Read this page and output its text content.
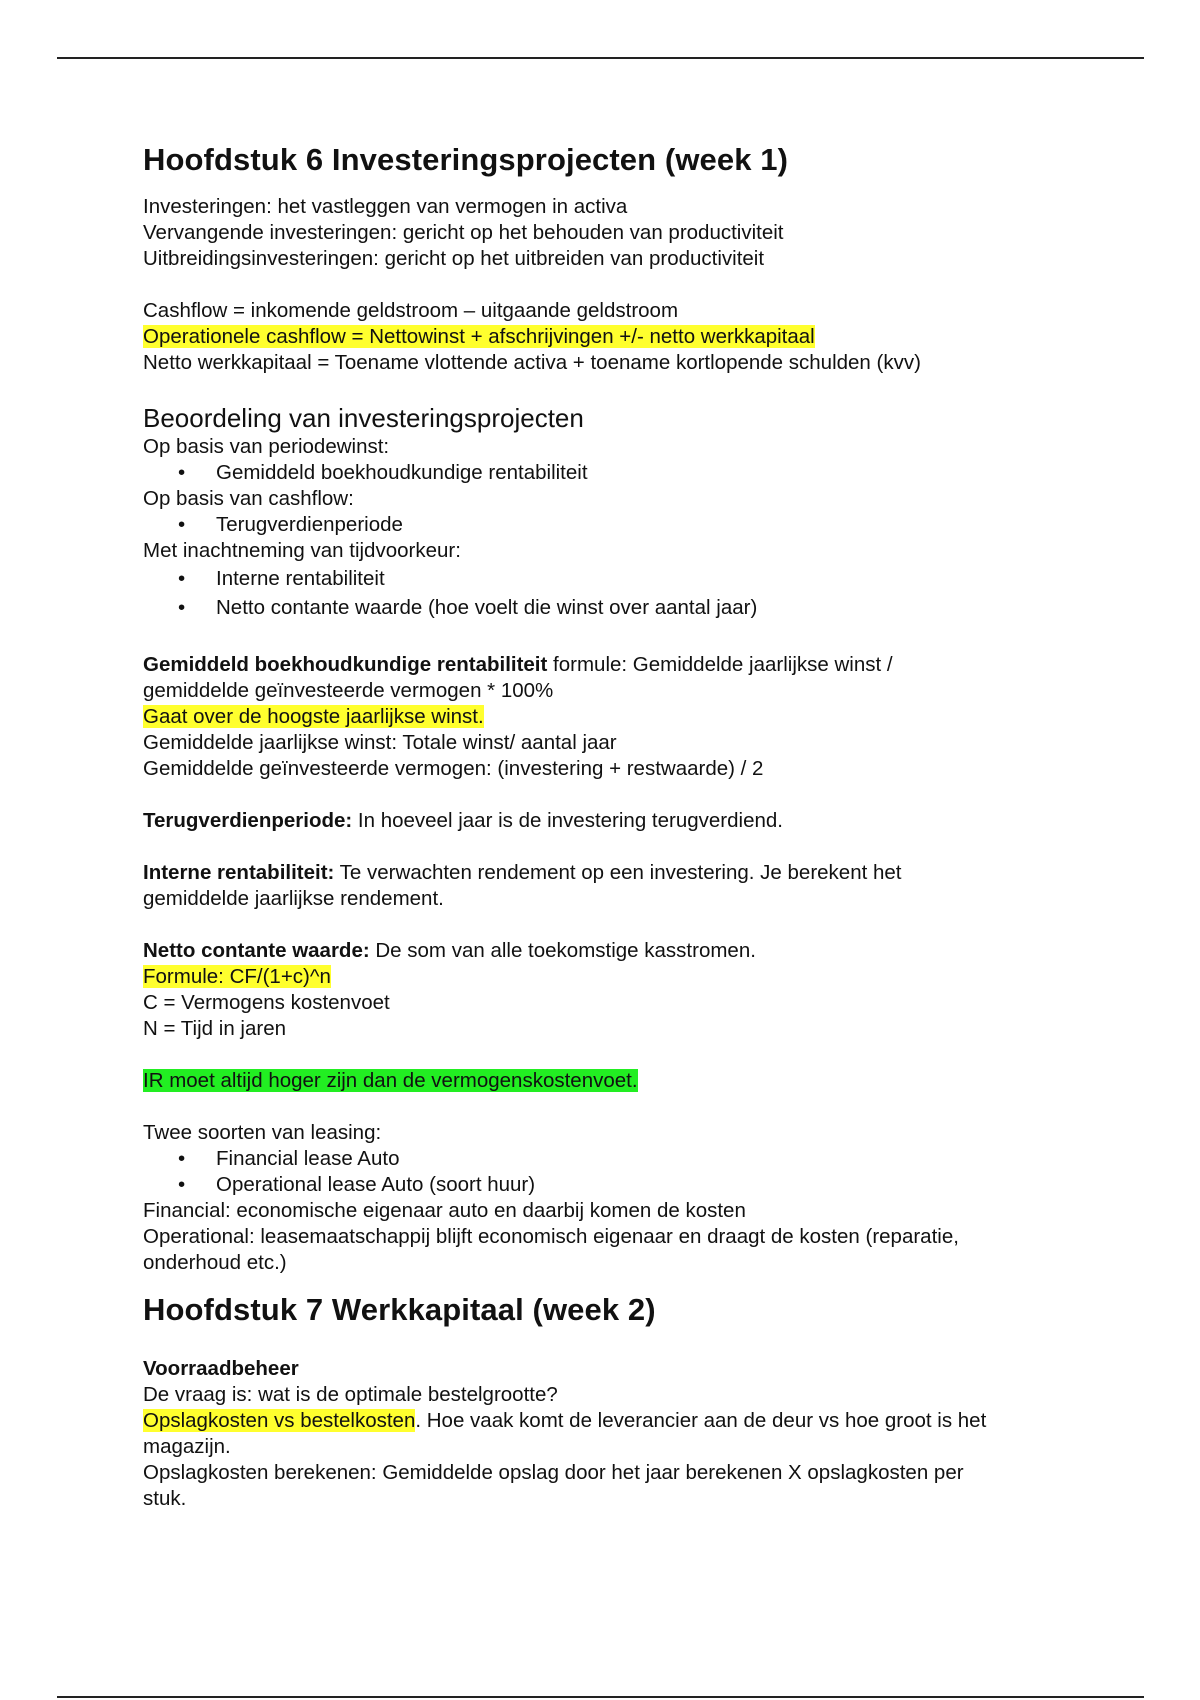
Hoofdstuk 6 Investeringsprojecten (week 1)

Investeringen: het vastleggen van vermogen in activa

Vervangende investeringen: gericht op het behouden van productiviteit

Uitbreidingsinvesteringen: gericht op het uitbreiden van productiviteit

Cashflow = inkomende geldstroom – uitgaande geldstroom

Operationele cashflow = Nettowinst + afschrijvingen +/- netto werkkapitaal

Netto werkkapitaal = Toename vlottende activa + toename kortlopende schulden (kvv)

Beoordeling van investeringsprojecten

Op basis van periodewinst:

• Gemiddeld boekhoudkundige rentabiliteit

Op basis van cashflow:

• Terugverdienperiode

Met inachtneming van tijdvoorkeur:

• Interne rentabiliteit
• Netto contante waarde (hoe voelt die winst over aantal jaar)

Gemiddeld boekhoudkundige rentabiliteit formule: Gemiddelde jaarlijkse winst /

gemiddelde geïnvesteerde vermogen * 100%

Gaat over de hoogste jaarlijkse winst.

Gemiddelde jaarlijkse winst: Totale winst/ aantal jaar

Gemiddelde geïnvesteerde vermogen: (investering + restwaarde) / 2

Terugverdienperiode: In hoeveel jaar is de investering terugverdiend.

Interne rentabiliteit: Te verwachten rendement op een investering. Je berekent het

gemiddelde jaarlijkse rendement.

Netto contante waarde: De som van alle toekomstige kasstromen.

Formule: CF/(1+c)^n

C = Vermogens kostenvoet

N = Tijd in jaren

IR moet altijd hoger zijn dan de vermogenskostenvoet.

Twee soorten van leasing:

• Financial lease Auto
• Operational lease Auto (soort huur)

Financial: economische eigenaar auto en daarbij komen de kosten

Operational: leasemaatschappij blijft economisch eigenaar en draagt de kosten (reparatie,

onderhoud etc.)

Hoofdstuk 7 Werkkapitaal (week 2)

Voorraadbeheer

De vraag is: wat is de optimale bestelgrootte?

Opslagkosten vs bestelkosten. Hoe vaak komt de leverancier aan de deur vs hoe groot is het

magazijn.

Opslagkosten berekenen: Gemiddelde opslag door het jaar berekenen X opslagkosten per

stuk.
